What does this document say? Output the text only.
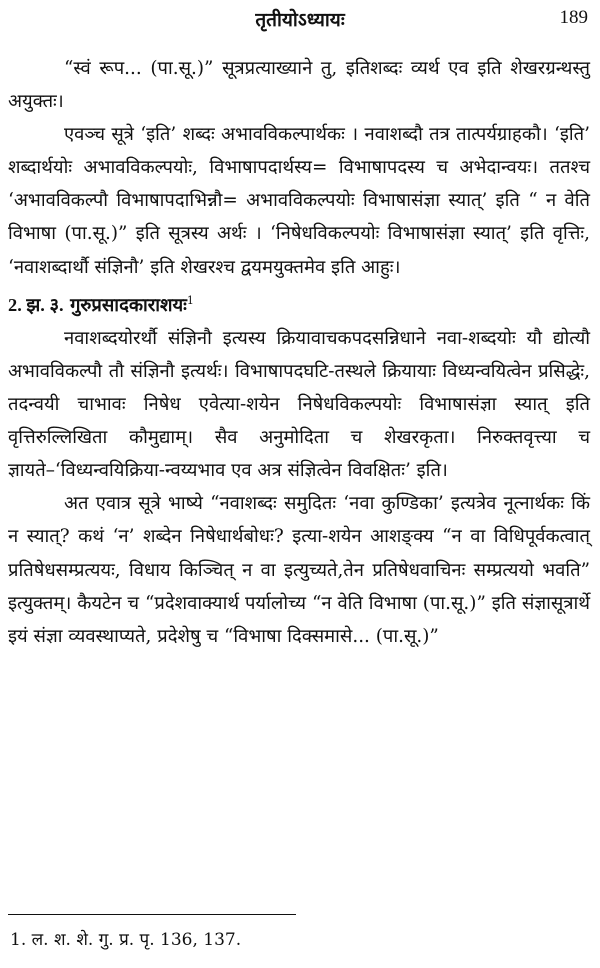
तृतीयोऽध्यायः	189

“स्वं रूप... (पा.सू.)” सूत्रप्रत्याख्याने तु, इतिशब्दः व्यर्थ एव इति शेखरग्रन्थस्तु अयुक्तः।

एवञ्च सूत्रे ‘इति’ शब्दः अभावविकल्पार्थकः । नवाशब्दौ तत्र तात्पर्यग्राहकौ। ‘इति’ शब्दार्थयोः अभावविकल्पयोः, विभाषापदार्थस्य= विभाषापदस्य च अभेदान्वयः। ततश्च ‘अभावविकल्पौ विभाषापदाभिन्नौ= अभावविकल्पयोः विभाषासंज्ञा स्यात्’ इति “ न वेति विभाषा (पा.सू.)” इति सूत्रस्य अर्थः । ‘निषेधविकल्पयोः विभाषासंज्ञा स्यात्’ इति वृत्तिः, ‘नवाशब्दार्थौ संज्ञिनौ’ इति शेखरश्च द्वयमयुक्तमेव इति आहुः।

2. झ. ३. गुरुप्रसादकाराशयः$^1$

नवाशब्दयोरर्थौ संज्ञिनौ इत्यस्य क्रियावाचकपदसन्निधाने नवा-शब्दयोः यौ द्योत्यौ अभावविकल्पौ तौ संज्ञिनौ इत्यर्थः। विभाषापदघटि-तस्थले क्रियायाः विध्यन्वयित्वेन प्रसिद्धेः, तदन्वयी चाभावः निषेध एवेत्या-शयेन निषेधविकल्पयोः विभाषासंज्ञा स्यात् इति वृत्तिरुल्लिखिता कौमुद्याम्। सैव अनुमोदिता च शेखरकृता। निरुक्तवृत्त्या च ज्ञायते–‘विध्यन्वयिक्रिया-न्वय्यभाव एव अत्र संज्ञित्वेन विवक्षितः’ इति।

अत एवात्र सूत्रे भाष्ये “नवाशब्दः समुदितः ‘नवा कुण्डिका’ इत्यत्रेव नूत्नार्थकः किं न स्यात्? कथं ‘न’ शब्देन निषेधार्थबोधः? इत्या-शयेन आशङ्क्य “न वा विधिपूर्वकत्वात् प्रतिषेधसम्प्रत्ययः, विधाय किञ्चित् न वा इत्युच्यते,तेन प्रतिषेधवाचिनः सम्प्रत्ययो भवति” इत्युक्तम्। कैयटेन च “प्रदेशवाक्यार्थ पर्यालोच्य “न वेति विभाषा (पा.सू.)” इति संज्ञासूत्रार्थे इयं संज्ञा व्यवस्थाप्यते, प्रदेशेषु च “विभाषा दिक्समासे... (पा.सू.)”

1. ल. श. शे. गु. प्र. पृ. 136, 137.
